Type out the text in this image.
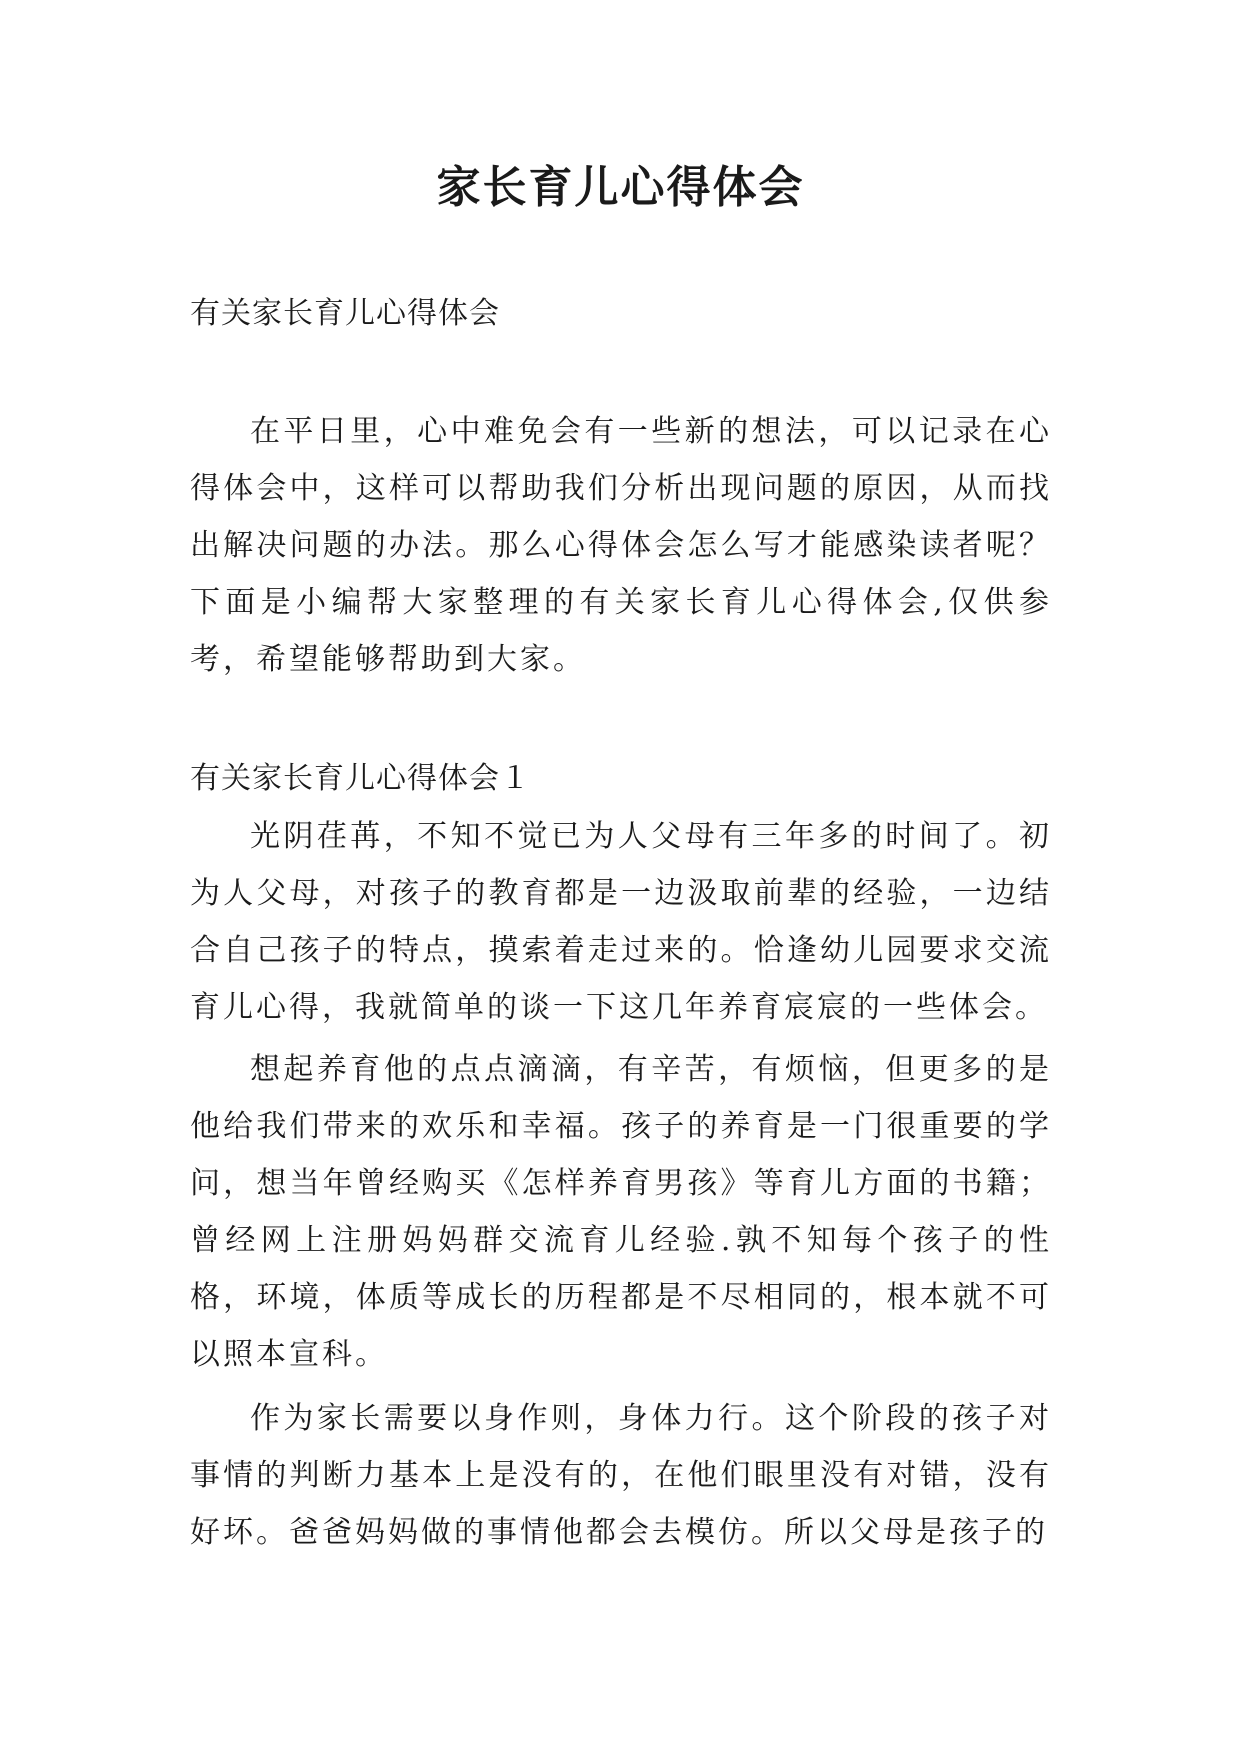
家长育儿心得体会

有关家长育儿心得体会

在平日里，心中难免会有一些新的想法，可以记录在心得体会中，这样可以帮助我们分析出现问题的原因，从而找出解决问题的办法。那么心得体会怎么写才能感染读者呢？下面是小编帮大家整理的有关家长育儿心得体会,仅供参考，希望能够帮助到大家。

有关家长育儿心得体会１

光阴荏苒，不知不觉已为人父母有三年多的时间了。初为人父母，对孩子的教育都是一边汲取前辈的经验，一边结合自己孩子的特点，摸索着走过来的。恰逢幼儿园要求交流育儿心得，我就简单的谈一下这几年养育宸宸的一些体会。

想起养育他的点点滴滴，有辛苦，有烦恼，但更多的是他给我们带来的欢乐和幸福。孩子的养育是一门很重要的学问，想当年曾经购买《怎样养育男孩》等育儿方面的书籍；曾经网上注册妈妈群交流育儿经验.孰不知每个孩子的性格，环境，体质等成长的历程都是不尽相同的，根本就不可以照本宣科。

作为家长需要以身作则，身体力行。这个阶段的孩子对事情的判断力基本上是没有的，在他们眼里没有对错，没有好坏。爸爸妈妈做的事情他都会去模仿。所以父母是孩子的
